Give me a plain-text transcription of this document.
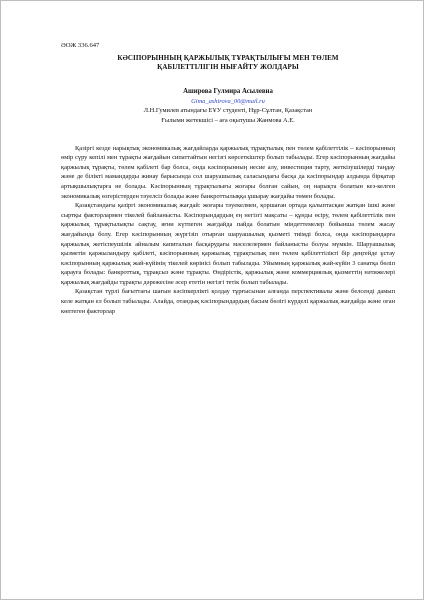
ӘОЖ 336.647
КӘСІПОРЫННЫҢ ҚАРЖЫЛЫҚ ТҰРАҚТЫЛЫҒЫ МЕН ТӨЛЕМ
ҚАБІЛЕТТІЛІГІН НЫҒАЙТУ ЖОЛДАРЫ
Аширова Гулмира Асылевна
Gima_ashirova_00@mail.ru
Л.Н.Гумилев атындағы ЕҰУ студенті, Нұр-Сұлтан, Қазақстан
Ғылыми жетекшісі – аға оқытушы Жанмова А.Е.

Қазіргі кезде нарықтық экономикалық жағдайларда қаржылық тұрақтылық пен төлем қабілеттілік – кәсіпорынның өмір сүру кепілі мен тұрақты жағдайын сипаттайтын негізгі көрсеткіштер болып табылады. Егер кәсіпорынның жағдайы қаржылық тұрақты, төлем қабілеті бар болса, онда кәсіпорынның несие алу, инвестиция тарту, жеткізушілерді таңдау және де білікті мамандарды жинау барысында сол шаруашылық саласындағы басқа да кәсіпорындар алдында бірқатар артықшылықтарға не болады. Кәсіпорынның тұрақтылығы жоғары болған сайын, оң нарықта болатын кез-келген экономикалық өзгерістерден тәуелсіз болады және банкроттылыққа ұшырау жағдайы төмен болады.

Қазақстандағы қазіргі экономикалық жағдай: жоғары тәуекелмен, қоршаған ортада қалыптасқан жатқан ішкі және сыртқы факторлармен тікелей байланысты. Кәсіпорындардың ең негізгі мақсаты – құнды өсіру, төлем қабілеттілік пен қаржылық тұрақтылықты сақтау, яғни күтпеген жағдайда пайда болатын міндеттемелер бойынша төлем жасау жағдайында болу. Егер кәсіпорынның жүргізіп отырған шаруашылық қызметі тиімді болса, онда кәсіпорындарға қаржылық жетіспеушілік айналым капиталын басқарудағы мәселелермен байланысты болуы мүмкін. Шаруашылық қызметін қаржыландыру қабілеті, кәсіпорынның қаржылық тұрақтылық пен төлем қабілеттілікті бір деңгейде ұстау кәсіпорынның қаржылық жай-күйінің тікелей көрінісі болып табылады. Уйымның қаржылық жай-күйін 3 санатқа бөліп қарауға болады: банкроттық, тұрақсыз және тұрақты. Өндірістік, қаржылық және коммерциялық қызметтің нәтижелері қаржылық жағдайды тұрақты дәрежесіне әсер ететін негізгі тетік болып табылады.

Қазақстан түрлі бағыттағы шағын кәсіпкерлікті қолдау тұрғысынан алғанда перспективалы және белсенді дамып келе жатқан ел болып табылады. Алайда, отандық кәсіпорындардың басым бөлігі күрделі қаржылық жағдайда және оған көптеген факторлар
